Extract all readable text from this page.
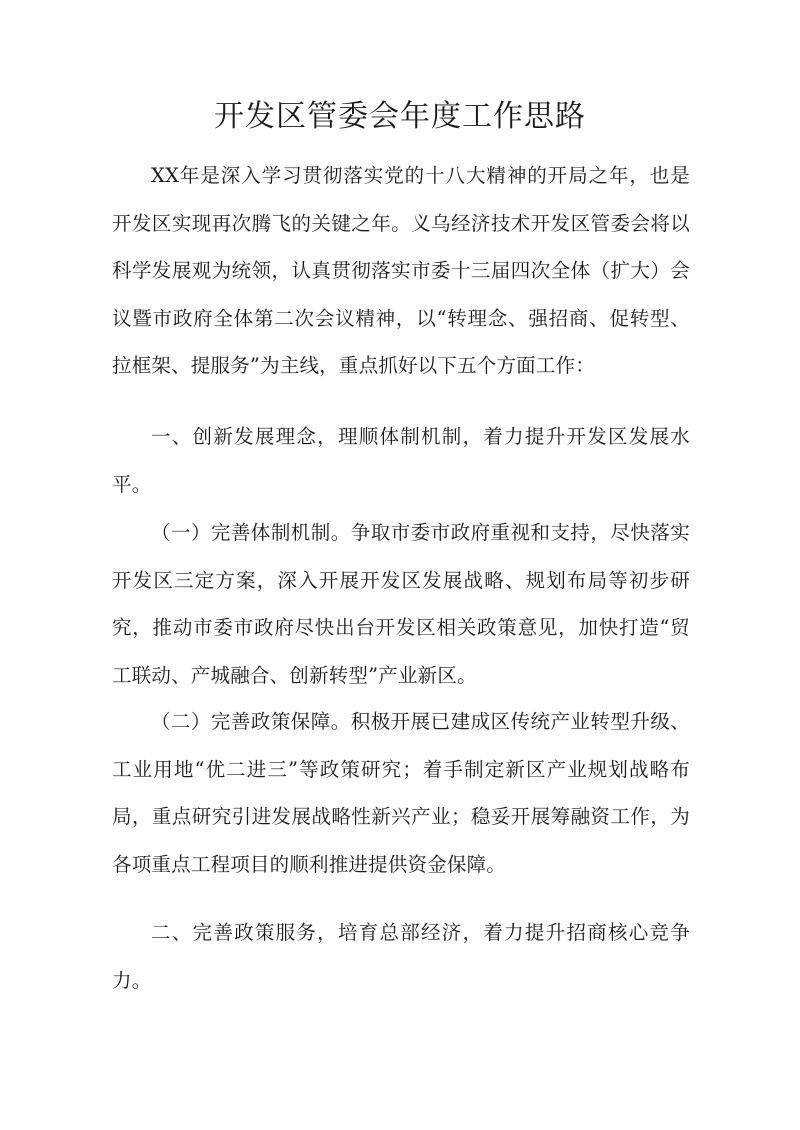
开发区管委会年度工作思路

XX年是深入学习贯彻落实党的十八大精神的开局之年，也是开发区实现再次腾飞的关键之年。义乌经济技术开发区管委会将以科学发展观为统领，认真贯彻落实市委十三届四次全体（扩大）会议暨市政府全体第二次会议精神，以“转理念、强招商、促转型、拉框架、提服务”为主线，重点抓好以下五个方面工作：

一、创新发展理念，理顺体制机制，着力提升开发区发展水平。

（一）完善体制机制。争取市委市政府重视和支持，尽快落实开发区三定方案，深入开展开发区发展战略、规划布局等初步研究，推动市委市政府尽快出台开发区相关政策意见，加快打造“贸工联动、产城融合、创新转型”产业新区。

（二）完善政策保障。积极开展已建成区传统产业转型升级、工业用地“优二进三”等政策研究；着手制定新区产业规划战略布局，重点研究引进发展战略性新兴产业；稳妥开展筹融资工作，为各项重点工程项目的顺利推进提供资金保障。

二、完善政策服务，培育总部经济，着力提升招商核心竞争力。
